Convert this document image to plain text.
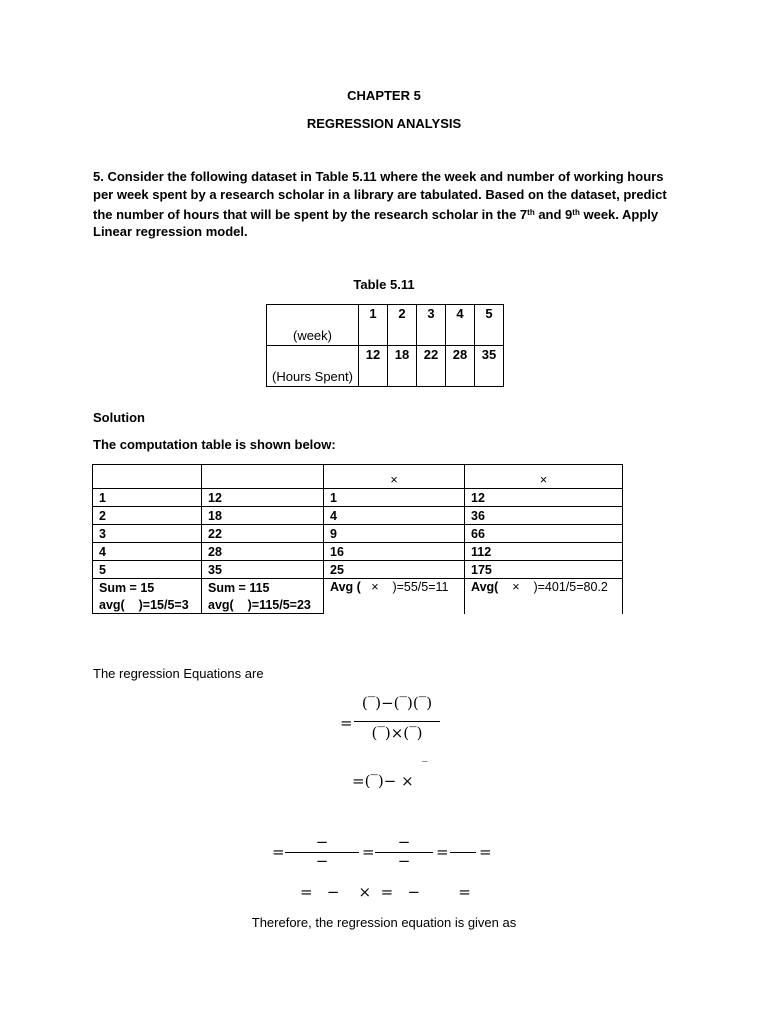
CHAPTER 5
REGRESSION ANALYSIS
5. Consider the following dataset in Table 5.11 where the week and number of working hours per week spent by a research scholar in a library are tabulated. Based on the dataset, predict the number of hours that will be spent by the research scholar in the 7th and 9th week. Apply Linear regression model.
Table 5.11
(week)	1	2	3	4	5
(Hours Spent)	12	18	22	28	35
Solution
The computation table is shown below:
		×	×
1	12	1	12
2	18	4	36
3	22	9	66
4	28	16	112
5	35	25	175
Sum = 15	Sum = 115	Avg ( × )=55/5=11	Avg( × )=401/5=80.2
avg( )=15/5=3	avg( )=115/5=23		
The regression Equations are
=
(‾)−(‾)(‾)
(‾)×(‾)
=(‾)− ×
‾
=
−
−	=
−
−	= =
=   −    ×  =   −        =
Therefore, the regression equation is given as
